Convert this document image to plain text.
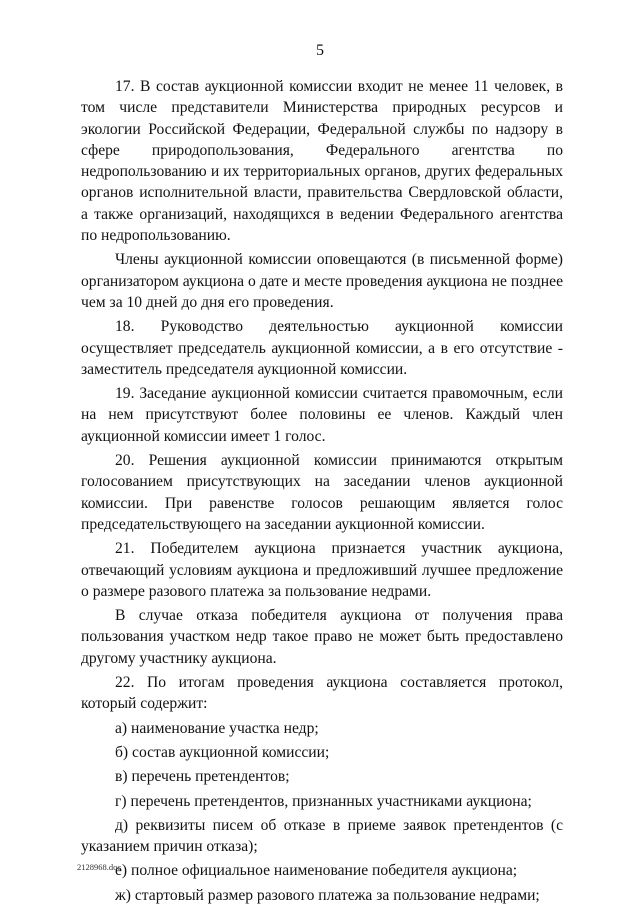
5

17. В состав аукционной комиссии входит не менее 11 человек, в том числе представители Министерства природных ресурсов и экологии Российской Федерации, Федеральной службы по надзору в сфере природопользования, Федерального агентства по недропользованию и их территориальных органов, других федеральных органов исполнительной власти, правительства Свердловской области, а также организаций, находящихся в ведении Федерального агентства по недропользованию.

Члены аукционной комиссии оповещаются (в письменной форме) организатором аукциона о дате и месте проведения аукциона не позднее чем за 10 дней до дня его проведения.

18. Руководство деятельностью аукционной комиссии осуществляет председатель аукционной комиссии, а в его отсутствие - заместитель председателя аукционной комиссии.

19. Заседание аукционной комиссии считается правомочным, если на нем присутствуют более половины ее членов. Каждый член аукционной комиссии имеет 1 голос.

20. Решения аукционной комиссии принимаются открытым голосованием присутствующих на заседании членов аукционной комиссии. При равенстве голосов решающим является голос председательствующего на заседании аукционной комиссии.

21. Победителем аукциона признается участник аукциона, отвечающий условиям аукциона и предложивший лучшее предложение о размере разового платежа за пользование недрами.

В случае отказа победителя аукциона от получения права пользования участком недр такое право не может быть предоставлено другому участнику аукциона.

22. По итогам проведения аукциона составляется протокол, который содержит:

а) наименование участка недр;

б) состав аукционной комиссии;

в) перечень претендентов;

г) перечень претендентов, признанных участниками аукциона;

д) реквизиты писем об отказе в приеме заявок претендентов (с указанием причин отказа);

е) полное официальное наименование победителя аукциона;

ж) стартовый размер разового платежа за пользование недрами;

2128968.doc
